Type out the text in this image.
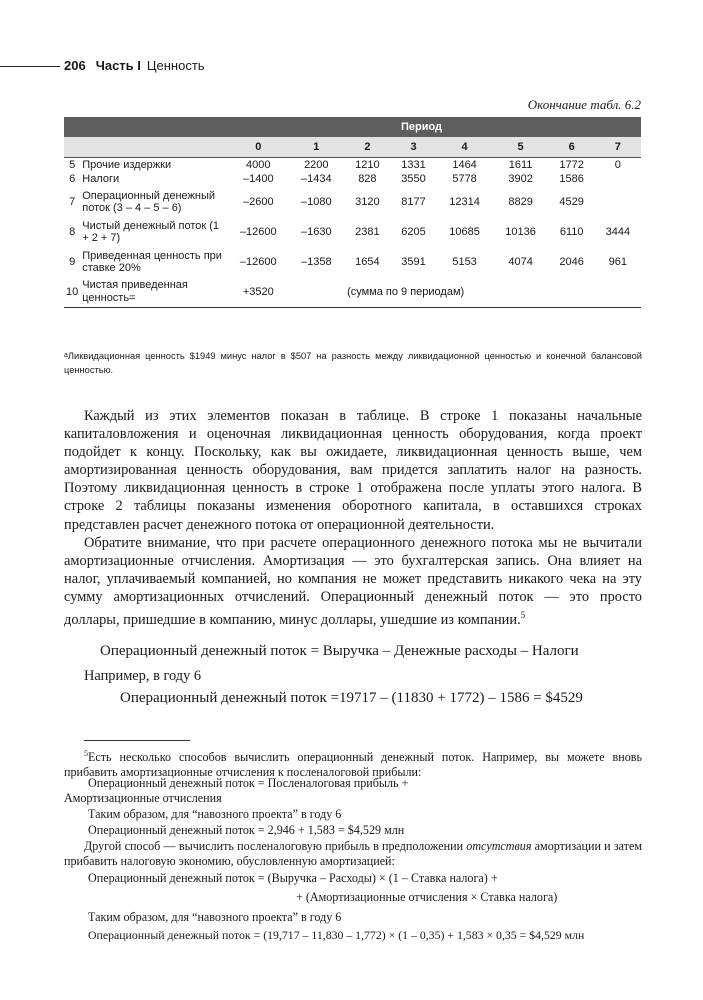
206 Часть I Ценность
Окончание табл. 6.2
Период									
		0	1	2	3	4	5	6	7
5	Прочие издержки	4000	2200	1210	1331	1464	1611	1772	0
6	Налоги	–1400	–1434	828	3550	5778	3902	1586	
7	Операционный денежный поток (3 – 4 – 5 – 6)	–2600	–1080	3120	8177	12314	8829	4529	
8	Чистый денежный поток (1 + 2 + 7)	–12600	–1630	2381	6205	10685	10136	6110	3444
9	Приведенная ценность при ставке 20%	–12600	–1358	1654	3591	5153	4074	2046	961
10	Чистая приведенная ценность=	+3520	(сумма по 9 периодам)						
$^a$Ликвидационная ценность $1949 минус налог в $507 на разность между ликвидационной ценностью и конечной балансовой ценностью.

Каждый из этих элементов показан в таблице. В строке 1 показаны начальные капиталовложения и оценочная ликвидационная ценность оборудования, когда проект подойдет к концу. Поскольку, как вы ожидаете, ликвидационная ценность выше, чем амортизированная ценность оборудования, вам придется заплатить налог на разность. Поэтому ликвидационная ценность в строке 1 отображена после уплаты этого налога. В строке 2 таблицы показаны изменения оборотного капитала, в оставшихся строках представлен расчет денежного потока от операционной деятельности.

Обратите внимание, что при расчете операционного денежного потока мы не вычитали амортизационные отчисления. Амортизация — это бухгалтерская запись. Она влияет на налог, уплачиваемый компанией, но компания не может представить никакого чека на эту сумму амортизационных отчислений. Операционный денежный поток — это просто доллары, пришедшие в компанию, минус доллары, ушедшие из компании.$^5$

Операционный денежный поток = Выручка – Денежные расходы – Налоги
Например, в году 6
Операционный денежный поток =19717 – (11830 + 1772) – 1586 = $4529
$^5$Есть несколько способов вычислить операционный денежный поток. Например, вы можете вновь прибавить амортизационные отчисления к посленалоговой прибыли:
Операционный денежный поток = Посленалоговая прибыль +
Амортизационные отчисления
Таким образом, для “навозного проекта” в году 6
Операционный денежный поток = 2,946 + 1,583 = $4,529 млн
Другой способ — вычислить посленалоговую прибыль в предположении отсутствия амортизации и затем прибавить налоговую экономию, обусловленную амортизацией:
Операционный денежный поток = (Выручка – Расходы) × (1 – Ставка налога) +
+ (Амортизационные отчисления × Ставка налога)
Таким образом, для “навозного проекта” в году 6
Операционный денежный поток = (19,717 – 11,830 – 1,772) × (1 – 0,35) + 1,583 × 0,35 = $4,529 млн
